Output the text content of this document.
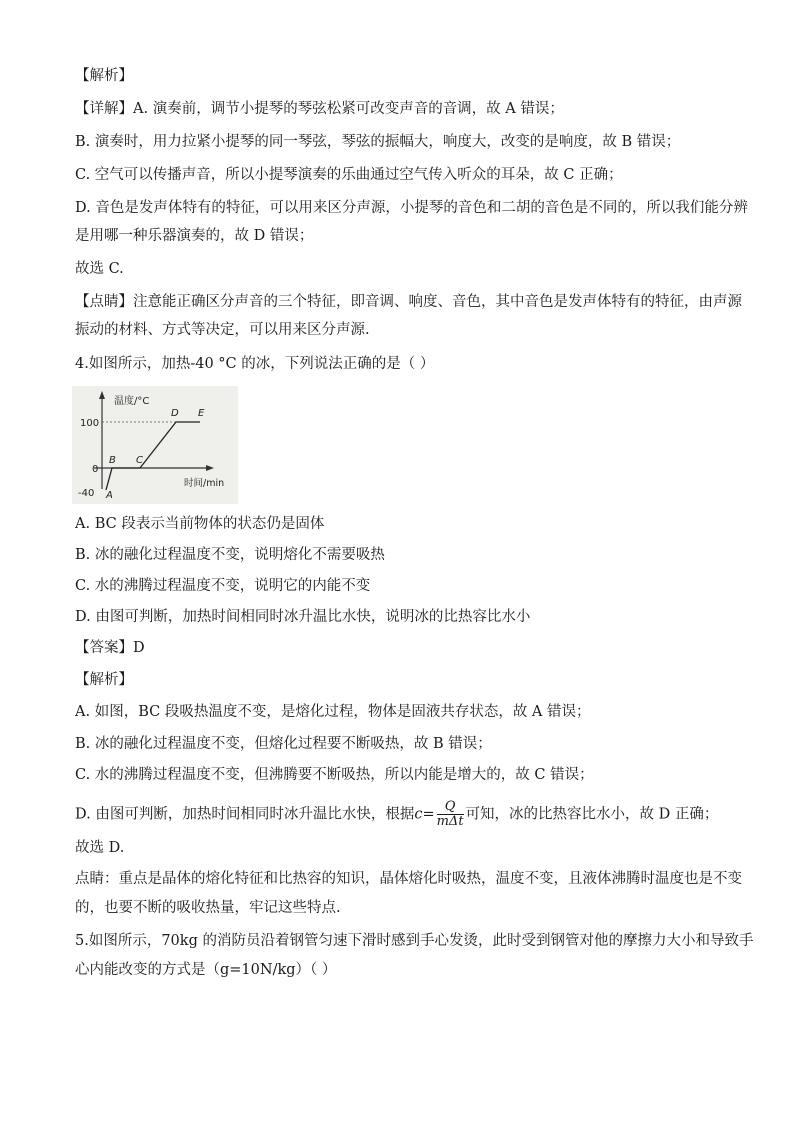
【解析】
【详解】A. 演奏前，调节小提琴的琴弦松紧可改变声音的音调，故 A 错误；
B. 演奏时，用力拉紧小提琴的同一琴弦，琴弦的振幅大，响度大，改变的是响度，故 B 错误；
C. 空气可以传播声音，所以小提琴演奏的乐曲通过空气传入听众的耳朵，故 C 正确；
D. 音色是发声体特有的特征，可以用来区分声源，小提琴的音色和二胡的音色是不同的，所以我们能分辨
是用哪一种乐器演奏的，故 D 错误；
故选 C.
【点睛】注意能正确区分声音的三个特征，即音调、响度、音色，其中音色是发声体特有的特征，由声源
振动的材料、方式等决定，可以用来区分声源.
4.如图所示，加热-40 °C 的冰，下列说法正确的是（ ）
温度/°C
时间/min
100
0
-40 A
B C
D E
A. BC 段表示当前物体的状态仍是固体
B. 冰的融化过程温度不变，说明熔化不需要吸热
C. 水的沸腾过程温度不变，说明它的内能不变
D. 由图可判断，加热时间相同时冰升温比水快，说明冰的比热容比水小
【答案】D
【解析】
A. 如图，BC 段吸热温度不变，是熔化过程，物体是固液共存状态，故 A 错误；
B. 冰的融化过程温度不变，但熔化过程要不断吸热，故 B 错误；
C. 水的沸腾过程温度不变，但沸腾要不断吸热，所以内能是增大的，故 C 错误；
D. 由图可判断，加热时间相同时冰升温比水快，根据$c= \frac{Q}{\text{mΔt}}$ 可知，冰的比热容比水小，故 D 正确；
故选 D.
点睛：重点是晶体的熔化特征和比热容的知识，晶体熔化时吸热，温度不变，且液体沸腾时温度也是不变
的，也要不断的吸收热量，牢记这些特点.
5.如图所示，70kg 的消防员沿着钢管匀速下滑时感到手心发烫，此时受到钢管对他的摩擦力大小和导致手
心内能改变的方式是（g=10N/kg）（ ）
